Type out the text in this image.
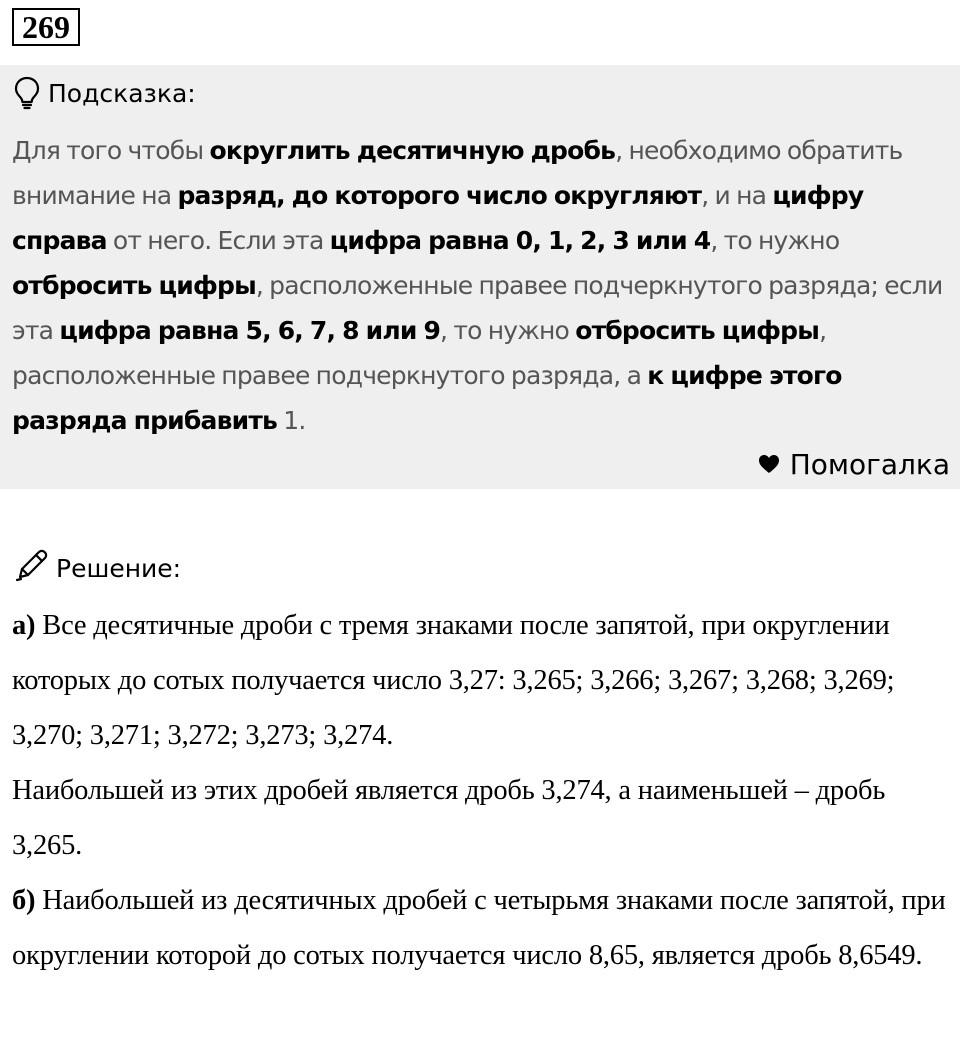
269
Подсказка:
Для того чтобы округлить десятичную дробь, необходимо обратить внимание на разряд, до которого число округляют, и на цифру справа от него. Если эта цифра равна 0, 1, 2, 3 или 4, то нужно отбросить цифры, расположенные правее подчеркнутого разряда; если эта цифра равна 5, 6, 7, 8 или 9, то нужно отбросить цифры, расположенные правее подчеркнутого разряда, а к цифре этого разряда прибавить 1.
Помогалка
Решение:

а) Все десятичные дроби с тремя знаками после запятой, при округлении которых до сотых получается число 3,27: 3,265; 3,266; 3,267; 3,268; 3,269; 3,270; 3,271; 3,272; 3,273; 3,274.

Наибольшей из этих дробей является дробь 3,274, а наименьшей – дробь 3,265.

б) Наибольшей из десятичных дробей с четырьмя знаками после запятой, при округлении которой до сотых получается число 8,65, является дробь 8,6549.
